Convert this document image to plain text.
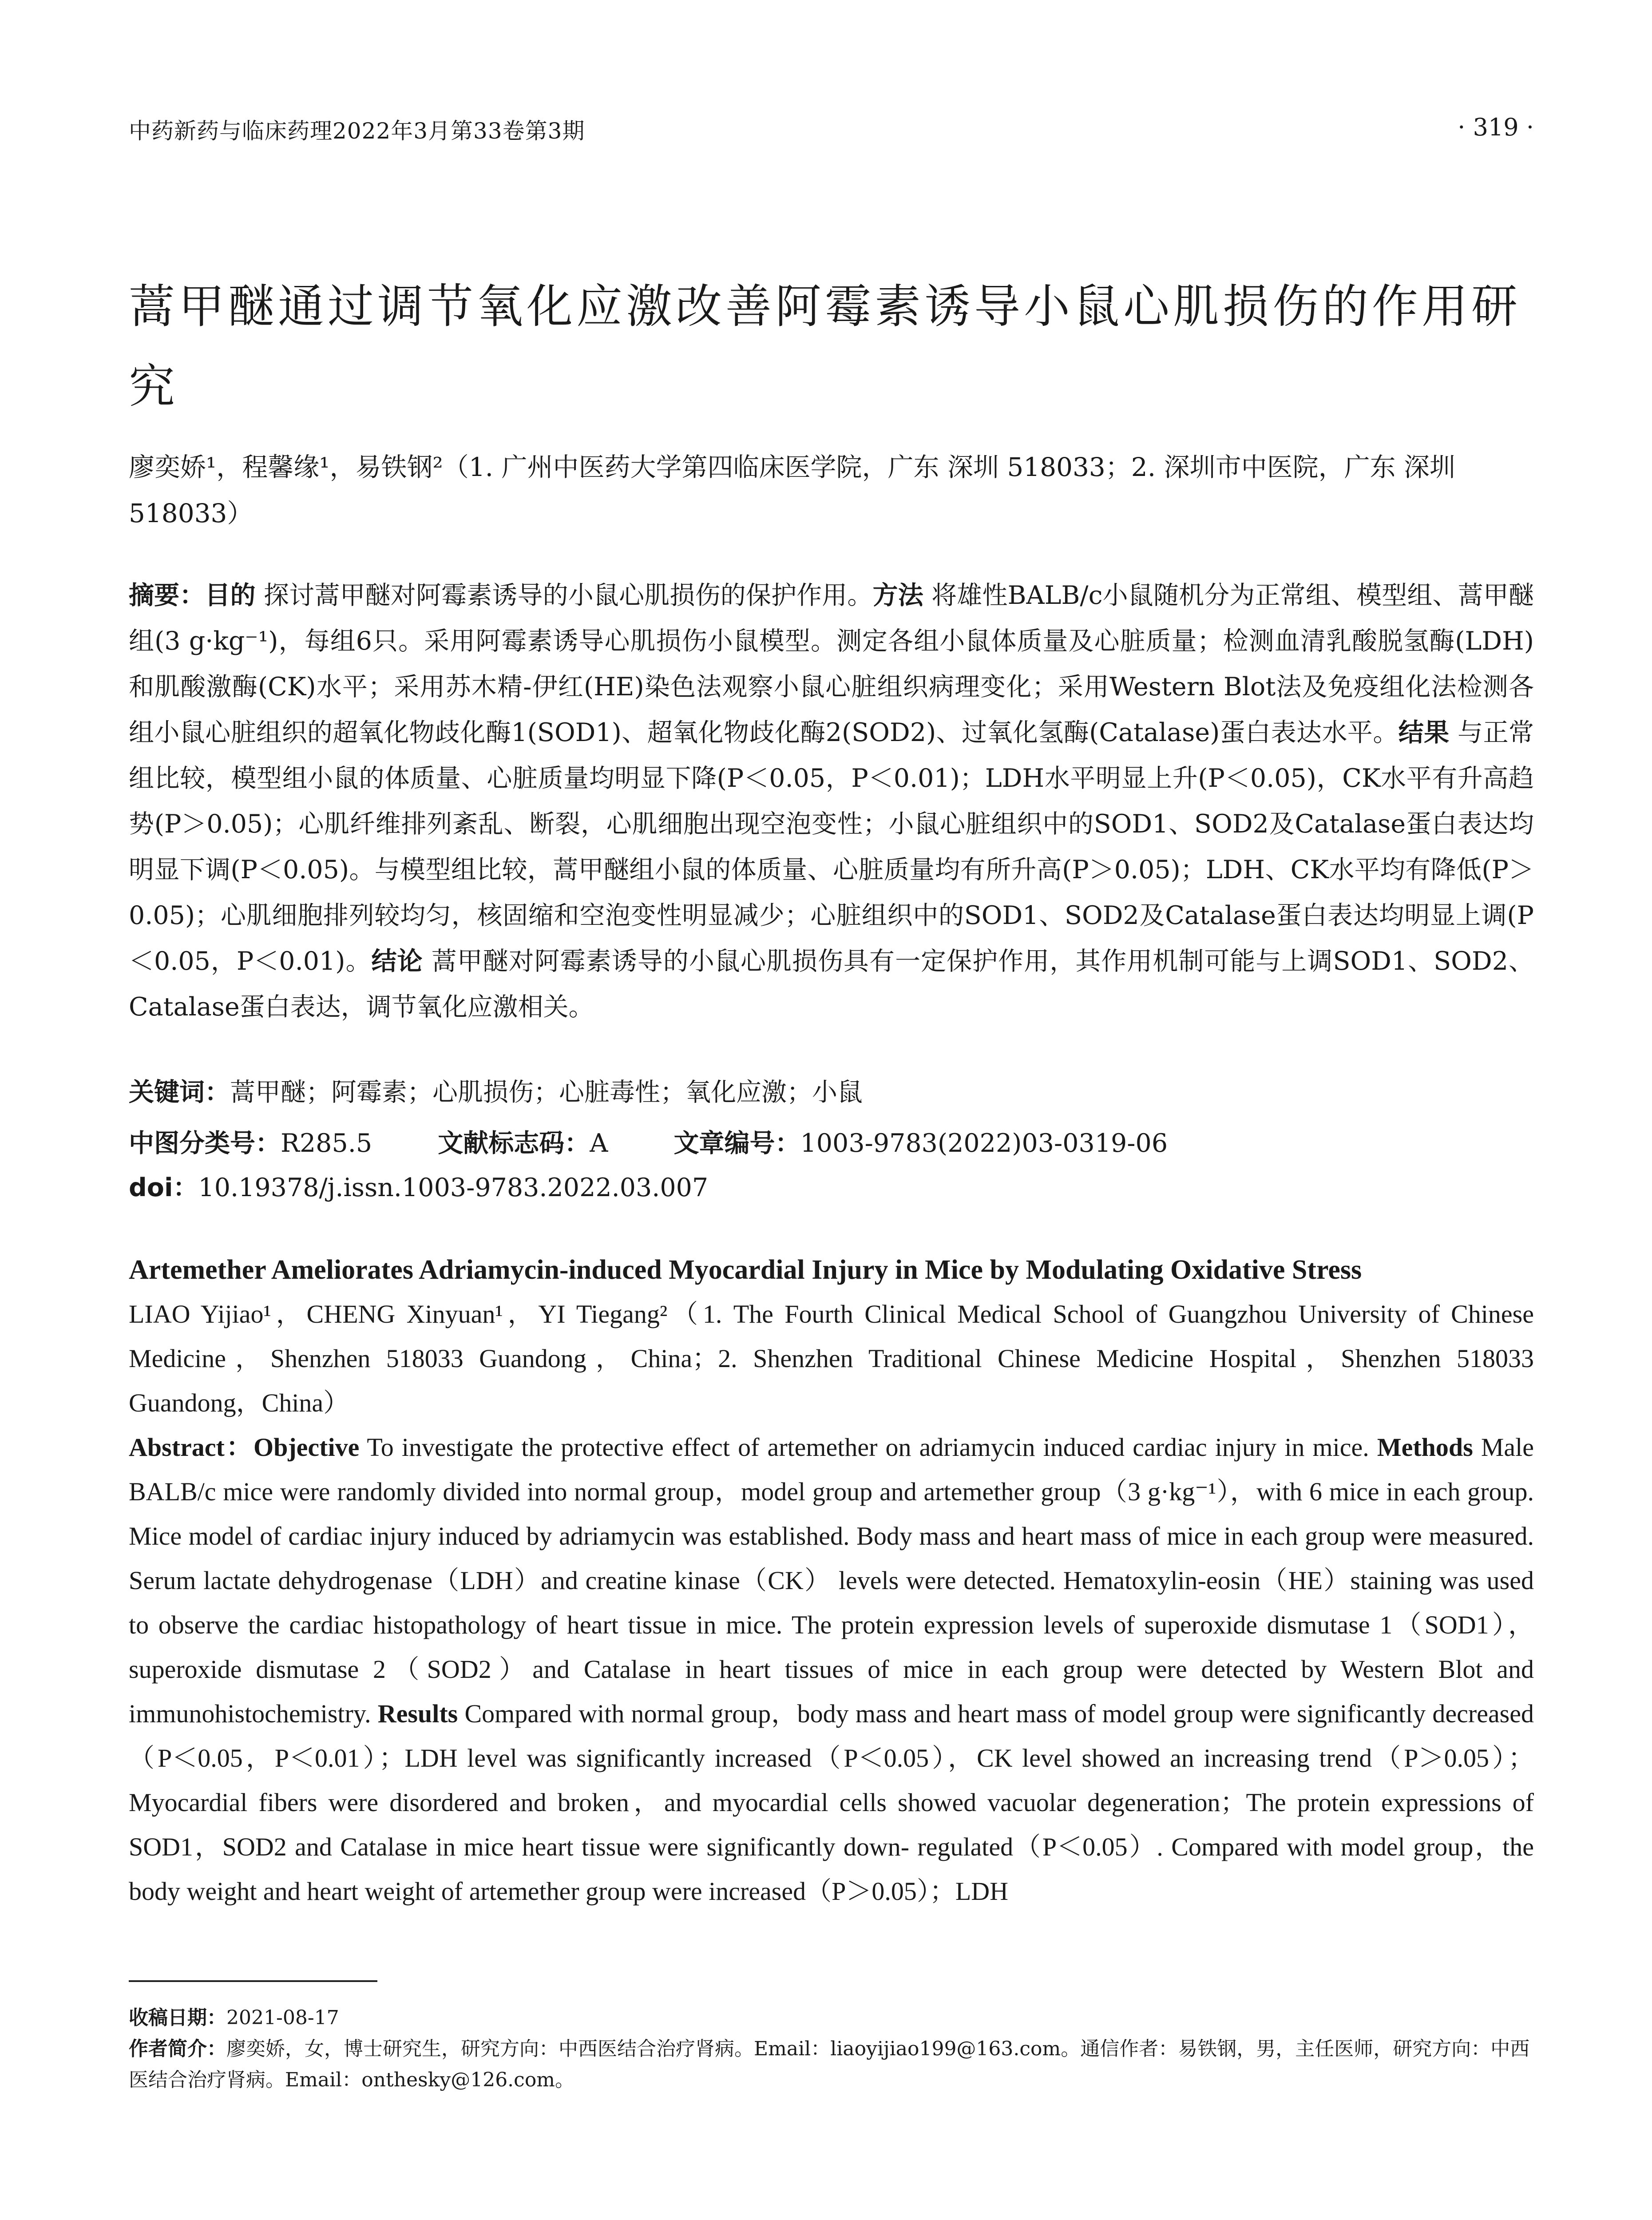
中药新药与临床药理2022年3月第33卷第3期	· 319 ·
蒿甲醚通过调节氧化应激改善阿霉素诱导小鼠心肌损伤的作用研究
廖奕娇¹，程馨缘¹，易铁钢²（1. 广州中医药大学第四临床医学院，广东 深圳 518033；2. 深圳市中医院，广东 深圳 518033）
摘要：目的 探讨蒿甲醚对阿霉素诱导的小鼠心肌损伤的保护作用。方法 将雄性BALB/c小鼠随机分为正常组、模型组、蒿甲醚组(3 g·kg⁻¹)，每组6只。采用阿霉素诱导心肌损伤小鼠模型。测定各组小鼠体质量及心脏质量；检测血清乳酸脱氢酶(LDH)和肌酸激酶(CK)水平；采用苏木精-伊红(HE)染色法观察小鼠心脏组织病理变化；采用Western Blot法及免疫组化法检测各组小鼠心脏组织的超氧化物歧化酶1(SOD1)、超氧化物歧化酶2(SOD2)、过氧化氢酶(Catalase)蛋白表达水平。结果 与正常组比较，模型组小鼠的体质量、心脏质量均明显下降(P＜0.05，P＜0.01)；LDH水平明显上升(P＜0.05)，CK水平有升高趋势(P＞0.05)；心肌纤维排列紊乱、断裂，心肌细胞出现空泡变性；小鼠心脏组织中的SOD1、SOD2及Catalase蛋白表达均明显下调(P＜0.05)。与模型组比较，蒿甲醚组小鼠的体质量、心脏质量均有所升高(P＞0.05)；LDH、CK水平均有降低(P＞0.05)；心肌细胞排列较均匀，核固缩和空泡变性明显减少；心脏组织中的SOD1、SOD2及Catalase蛋白表达均明显上调(P＜0.05，P＜0.01)。结论 蒿甲醚对阿霉素诱导的小鼠心肌损伤具有一定保护作用，其作用机制可能与上调SOD1、SOD2、Catalase蛋白表达，调节氧化应激相关。
关键词：蒿甲醚；阿霉素；心肌损伤；心脏毒性；氧化应激；小鼠
中图分类号：R285.5	文献标志码：A	文章编号：1003-9783(2022)03-0319-06
doi：10.19378/j.issn.1003-9783.2022.03.007
Artemether Ameliorates Adriamycin-induced Myocardial Injury in Mice by Modulating Oxidative Stress
LIAO Yijiao¹，CHENG Xinyuan¹，YI Tiegang²（1. The Fourth Clinical Medical School of Guangzhou University of Chinese Medicine，Shenzhen 518033 Guandong，China；2. Shenzhen Traditional Chinese Medicine Hospital，Shenzhen 518033 Guandong，China）
Abstract：Objective To investigate the protective effect of artemether on adriamycin induced cardiac injury in mice. Methods Male BALB/c mice were randomly divided into normal group，model group and artemether group（3 g·kg⁻¹），with 6 mice in each group. Mice model of cardiac injury induced by adriamycin was established. Body mass and heart mass of mice in each group were measured. Serum lactate dehydrogenase（LDH）and creatine kinase（CK） levels were detected. Hematoxylin-eosin（HE）staining was used to observe the cardiac histopathology of heart tissue in mice. The protein expression levels of superoxide dismutase 1（SOD1），superoxide dismutase 2（SOD2）and Catalase in heart tissues of mice in each group were detected by Western Blot and immunohistochemistry. Results Compared with normal group，body mass and heart mass of model group were significantly decreased（P＜0.05，P＜0.01）；LDH level was significantly increased（P＜0.05），CK level showed an increasing trend（P＞0.05）；Myocardial fibers were disordered and broken，and myocardial cells showed vacuolar degeneration；The protein expressions of SOD1，SOD2 and Catalase in mice heart tissue were significantly down- regulated（P＜0.05）. Compared with model group，the body weight and heart weight of artemether group were increased（P＞0.05）；LDH
收稿日期：2021-08-17
作者简介：廖奕娇，女，博士研究生，研究方向：中西医结合治疗肾病。Email：liaoyijiao199@163.com。通信作者：易铁钢，男，主任医师，研究方向：中西医结合治疗肾病。Email：onthesky@126.com。
